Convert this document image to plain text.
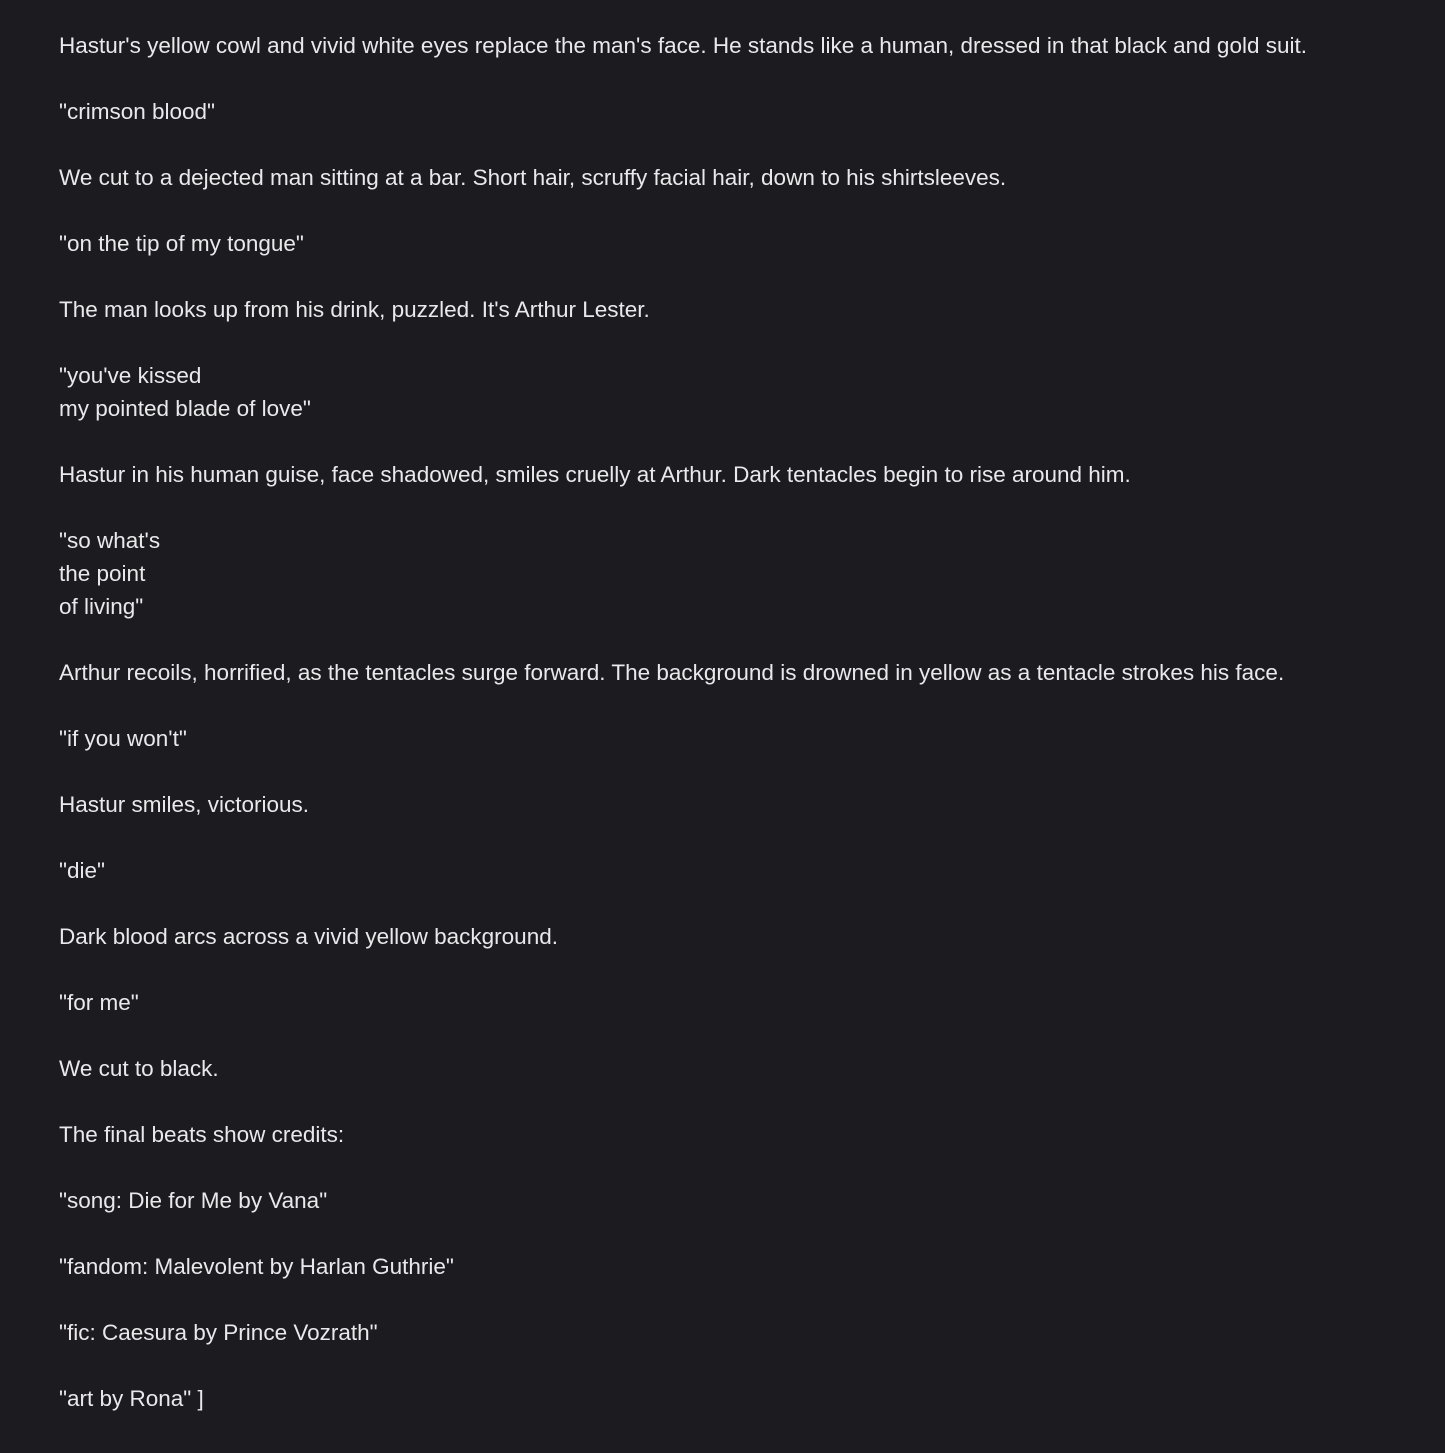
Hastur's yellow cowl and vivid white eyes replace the man's face. He stands like a human, dressed in that black and gold suit.

"crimson blood"

We cut to a dejected man sitting at a bar. Short hair, scruffy facial hair, down to his shirtsleeves.

"on the tip of my tongue"

The man looks up from his drink, puzzled. It's Arthur Lester.

"you've kissed
my pointed blade of love"

Hastur in his human guise, face shadowed, smiles cruelly at Arthur. Dark tentacles begin to rise around him.

"so what's
the point
of living"

Arthur recoils, horrified, as the tentacles surge forward. The background is drowned in yellow as a tentacle strokes his face.

"if you won't"

Hastur smiles, victorious.

"die"

Dark blood arcs across a vivid yellow background.

"for me"

We cut to black.

The final beats show credits:

"song: Die for Me by Vana"

"fandom: Malevolent by Harlan Guthrie"

"fic: Caesura by Prince Vozrath"

"art by Rona" ]
